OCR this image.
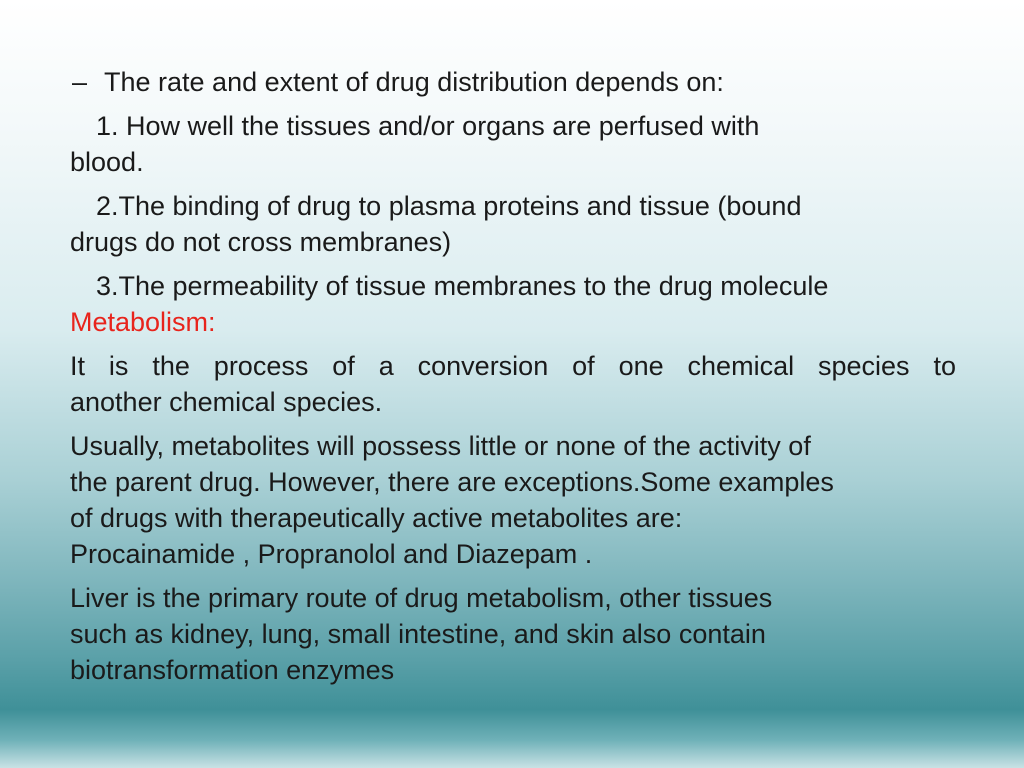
– The rate and extent of drug distribution depends on:
1. How well the tissues and/or organs are perfused with
blood.
2.The binding of drug to plasma proteins and tissue (bound
drugs do not cross membranes)
3.The permeability of tissue membranes to the drug molecule
Metabolism:
It is the process of a conversion of one chemical species to
another chemical species.
Usually, metabolites will possess little or none of the activity of
the parent drug. However, there are exceptions.Some examples
of drugs with therapeutically active metabolites are:
Procainamide , Propranolol and Diazepam .
Liver is the primary route of drug metabolism, other tissues
such as kidney, lung, small intestine, and skin also contain
biotransformation enzymes
